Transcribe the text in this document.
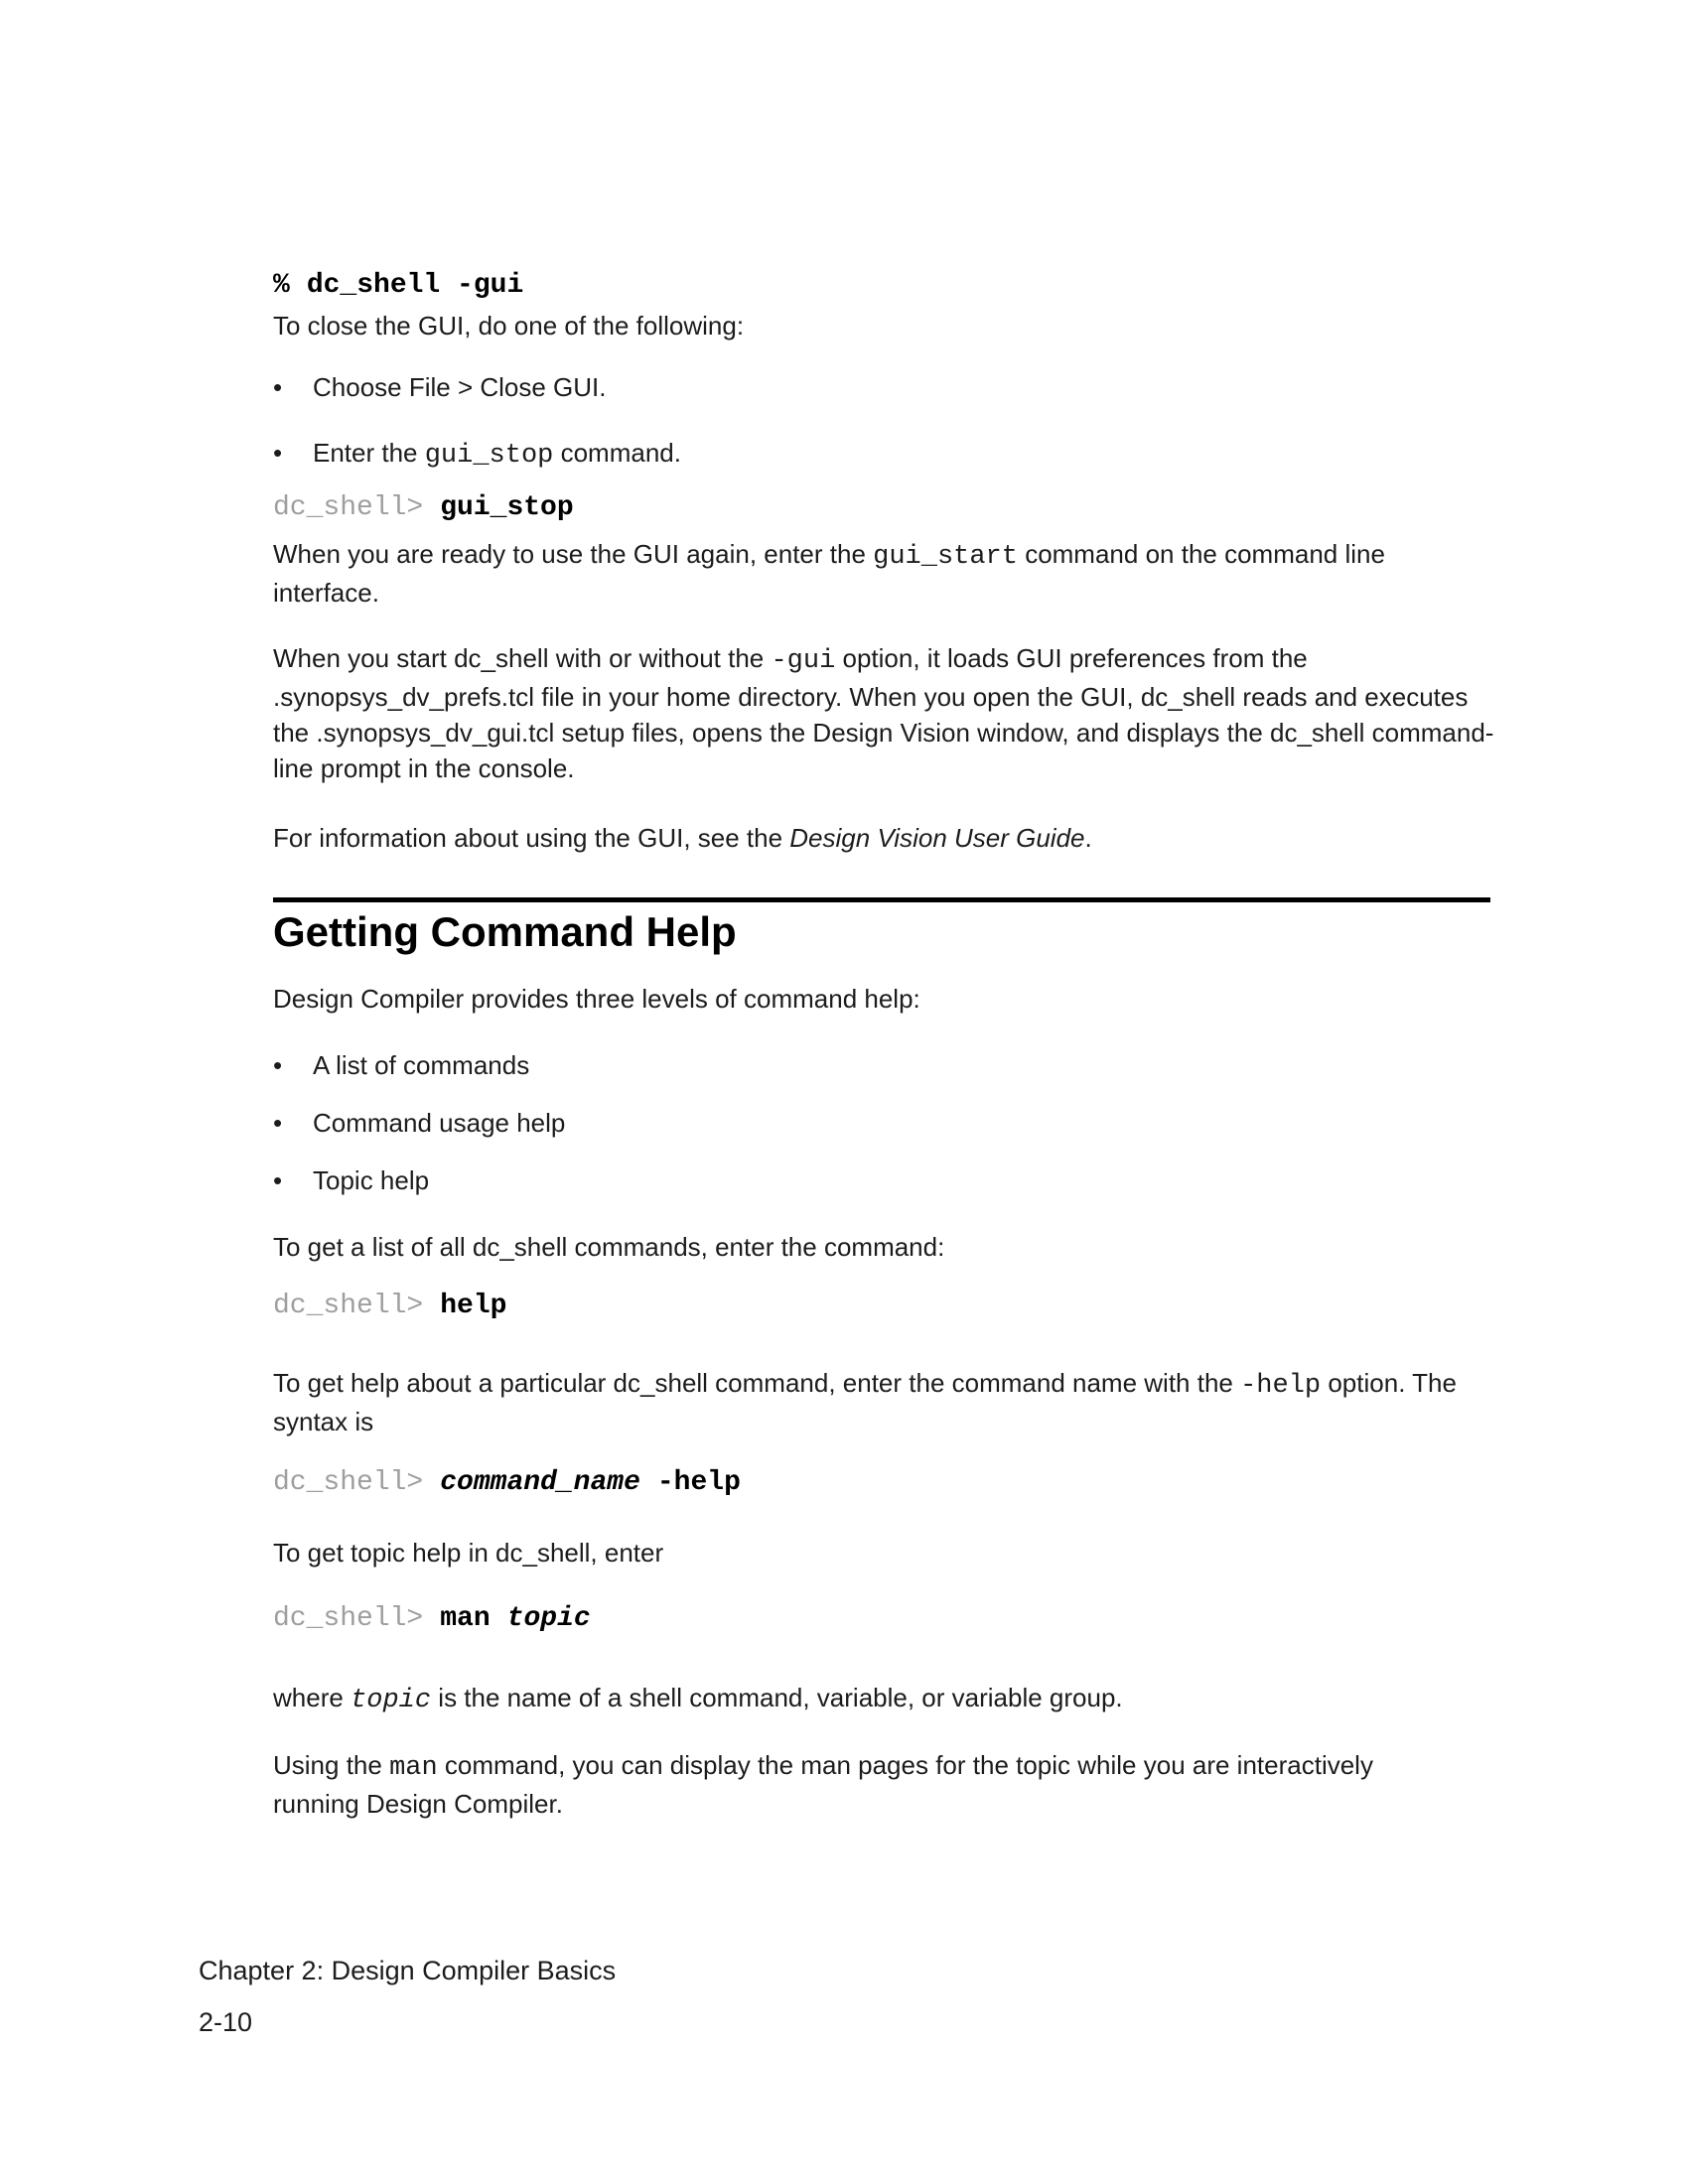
% dc_shell -gui
To close the GUI, do one of the following:
•
Choose File > Close GUI.
•
Enter the gui_stop command.
dc_shell> gui_stop
When you are ready to use the GUI again, enter the gui_start command on the command line interface.
When you start dc_shell with or without the -gui option, it loads GUI preferences from the .synopsys_dv_prefs.tcl file in your home directory. When you open the GUI, dc_shell reads and executes the .synopsys_dv_gui.tcl setup files, opens the Design Vision window, and displays the dc_shell command-line prompt in the console.
For information about using the GUI, see the Design Vision User Guide.
Getting Command Help
Design Compiler provides three levels of command help:
•
A list of commands
•
Command usage help
•
Topic help
To get a list of all dc_shell commands, enter the command:
dc_shell> help
To get help about a particular dc_shell command, enter the command name with the -help option. The syntax is
dc_shell> command_name -help
To get topic help in dc_shell, enter
dc_shell> man topic
where topic is the name of a shell command, variable, or variable group.
Using the man command, you can display the man pages for the topic while you are interactively running Design Compiler.
Chapter 2: Design Compiler Basics
2-10
